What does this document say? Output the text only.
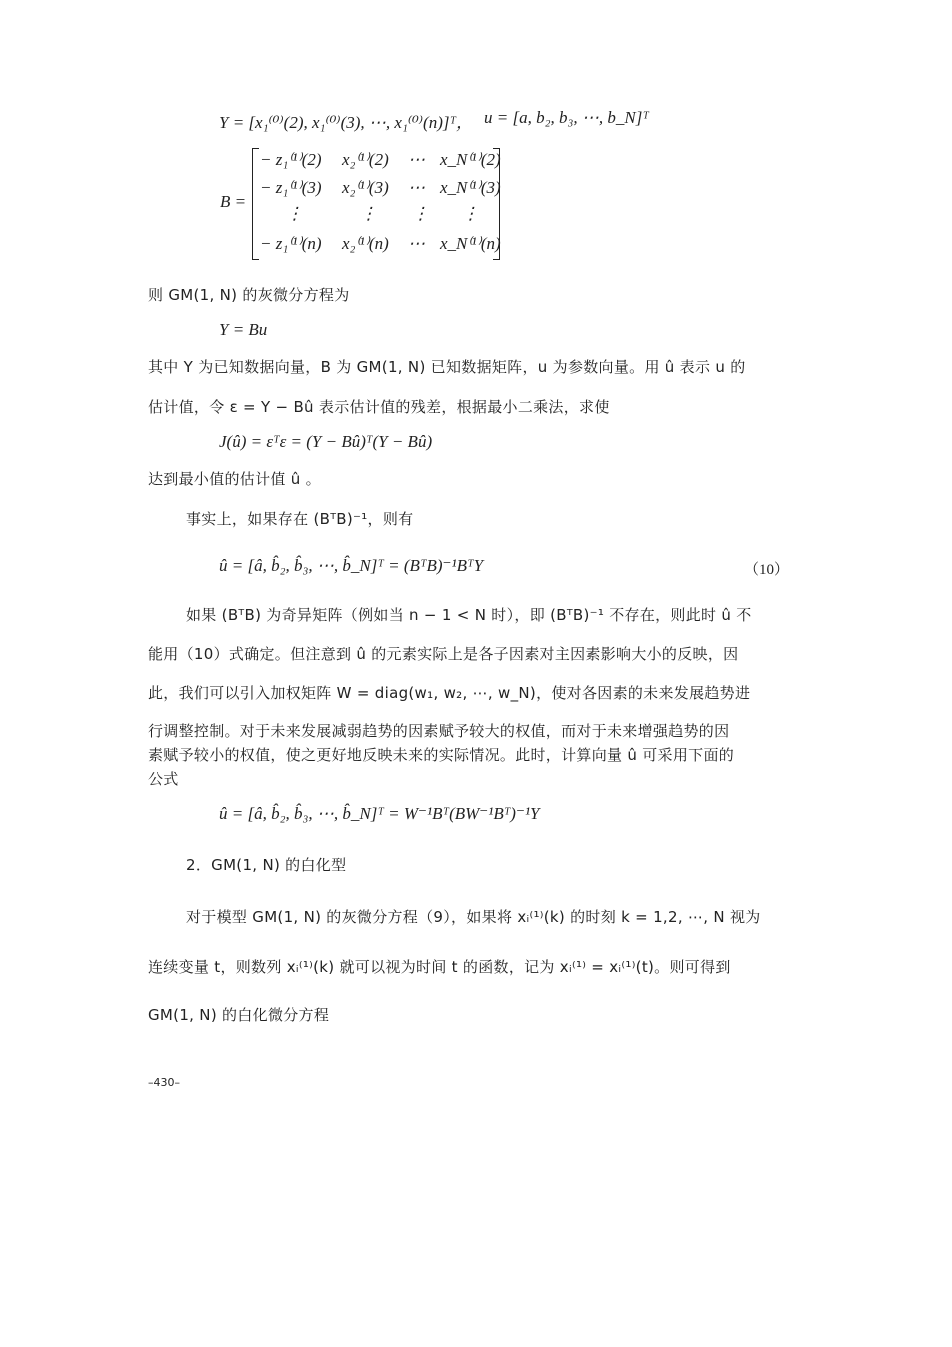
Y = [x₁⁽⁰⁾(2), x₁⁽⁰⁾(3), ⋯, x₁⁽⁰⁾(n)]ᵀ， u = [a, b₂, b₃, ⋯, b_N]ᵀ
B =
− z₁⁽¹⁾(2) x₂⁽¹⁾(2) ⋯ x_N⁽¹⁾(2)
− z₁⁽¹⁾(3) x₂⁽¹⁾(3) ⋯ x_N⁽¹⁾(3)
⋮	⋮ ⋮ ⋮
− z₁⁽¹⁾(n) x₂⁽¹⁾(n) ⋯ x_N⁽¹⁾(n)
则 GM(1, N) 的灰微分方程为
Y = Bu
其中 Y 为已知数据向量，B 为 GM(1, N) 已知数据矩阵，u 为参数向量。用 û 表示 u 的
估计值，令 ε = Y − Bû 表示估计值的残差，根据最小二乘法，求使
J(û) = εᵀε = (Y − Bû)ᵀ(Y − Bû)
达到最小值的估计值 û 。
事实上，如果存在 (BᵀB)⁻¹，则有
û = [â, b̂₂, b̂₃, ⋯, b̂_N]ᵀ = (BᵀB)⁻¹BᵀY	（10）
如果 (BᵀB) 为奇异矩阵（例如当 n − 1 < N 时），即 (BᵀB)⁻¹ 不存在，则此时 û 不
能用（10）式确定。但注意到 û 的元素实际上是各子因素对主因素影响大小的反映，因
此，我们可以引入加权矩阵 W = diag(w₁, w₂, ⋯, w_N)，使对各因素的未来发展趋势进
行调整控制。对于未来发展减弱趋势的因素赋予较大的权值，而对于未来增强趋势的因
素赋予较小的权值，使之更好地反映未来的实际情况。此时，计算向量 û 可采用下面的
公式
û = [â, b̂₂, b̂₃, ⋯, b̂_N]ᵀ = W⁻¹Bᵀ(BW⁻¹Bᵀ)⁻¹Y
2．GM(1, N) 的白化型
对于模型 GM(1, N) 的灰微分方程（9），如果将 xᵢ⁽¹⁾(k) 的时刻 k = 1,2, ⋯, N 视为
连续变量 t，则数列 xᵢ⁽¹⁾(k) 就可以视为时间 t 的函数，记为 xᵢ⁽¹⁾ = xᵢ⁽¹⁾(t)。则可得到
GM(1, N) 的白化微分方程
–430–
